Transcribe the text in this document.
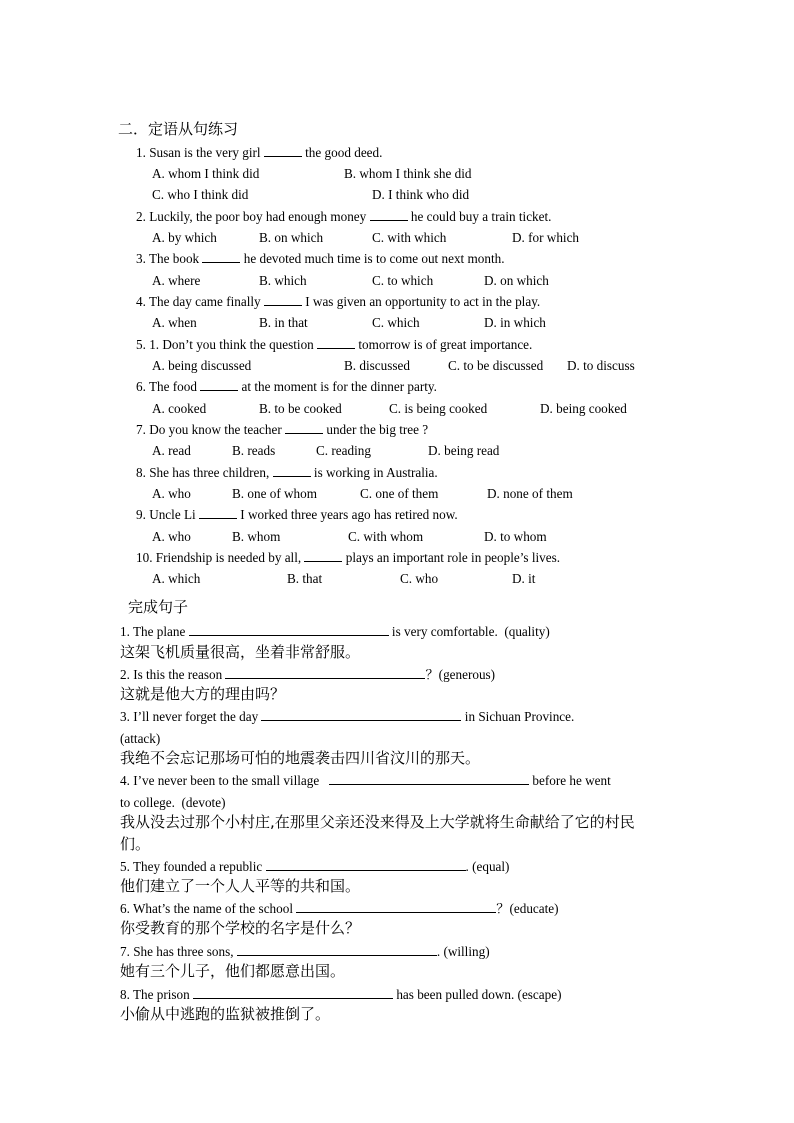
二．定语从句练习
1. Susan is the very girl	the good deed.
A. whom I think did	B. whom I think she did
C. who I think did	D. I think who did
2. Luckily, the poor boy had enough money	he could buy a train ticket.
A. by which	B. on which	C. with which	D. for which
3. The book	he devoted much time is to come out next month.
A. where	B. which	C. to which	D. on which
4. The day came finally	I was given an opportunity to act in the play.
A. when	B. in that	C. which	D. in which
5. 1. Don’t you think the question	tomorrow is of great importance.
A. being discussed	B. discussed	C. to be discussed D. to discuss
6. The food	at the moment is for the dinner party.
A. cooked	B. to be cooked	C. is being cooked	D. being cooked
7. Do you know the teacher	under the big tree ?
A. read	B. reads	C. reading	D. being read
8. She has three children,	is working in Australia.
A. who	B. one of whom	C. one of them	D. none of them
9. Uncle Li	I worked three years ago has retired now.
A. who	B. whom	C. with whom	D. to whom
10. Friendship is needed by all,	plays an important role in people’s lives.
A. which	B. that	C. who	D. it
完成句子
1. The plane	is very comfortable.  (quality)
这架飞机质量很高，坐着非常舒服。
2. Is this the reason	？(generous)
这就是他大方的理由吗？
3. I’ll never forget the day	in Sichuan Province.
(attack)
我绝不会忘记那场可怕的地震袭击四川省汶川的那天。
4. I’ve never been to the small village	before he went
to college.  (devote)
我从没去过那个小村庄,在那里父亲还没来得及上大学就将生命献给了它的村民
们。
5. They founded a republic	. (equal)
他们建立了一个人人平等的共和国。
6. What’s the name of the school	？(educate)
你受教育的那个学校的名字是什么？
7. She has three sons,	. (willing)
她有三个儿子，他们都愿意出国。
8. The prison	has been pulled down. (escape)
小偷从中逃跑的监狱被推倒了。
